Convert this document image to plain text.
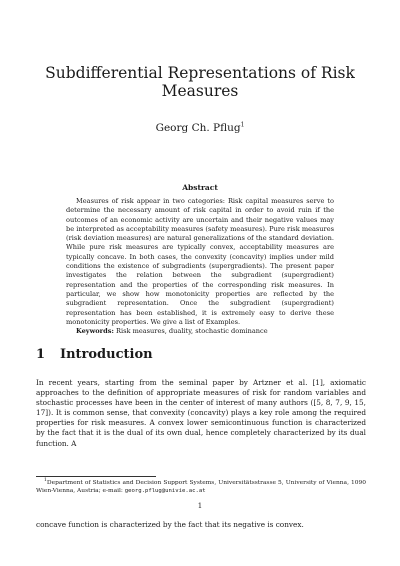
Subdifferential Representations of Risk Measures
Georg Ch. Pflug$^1$
Abstract

Measures of risk appear in two categories: Risk capital measures serve to determine the necessary amount of risk capital in order to avoid ruin if the outcomes of an economic activity are uncertain and their negative values may be interpreted as acceptability measures (safety measures). Pure risk measures (risk deviation measures) are natural generalizations of the standard deviation. While pure risk measures are typically convex, acceptability measures are typically concave. In both cases, the convexity (concavity) implies under mild conditions the existence of subgradients (supergradients). The present paper investigates the relation between the subgradient (supergradient) representation and the properties of the corresponding risk measures. In particular, we show how monotonicity properties are reflected by the subgradient representation. Once the subgradient (supergradient) representation has been established, it is extremely easy to derive these monotonicity properties. We give a list of Examples.

Keywords: Risk measures, duality, stochastic dominance

1 Introduction

In recent years, starting from the seminal paper by Artzner et al. [1], axiomatic approaches to the definition of appropriate measures of risk for random variables and stochastic processes have been in the center of interest of many authors ([5, 8, 7, 9, 15, 17]). It is common sense, that convexity (concavity) plays a key role among the required properties for risk measures. A convex lower semicontinuous function is characterized by the fact that it is the dual of its own dual, hence completely characterized by its dual function. A

$^1$Department of Statistics and Decision Support Systems, Universitätsstrasse 5, University of Vienna, 1090 Wien-Vienna, Austria; e-mail: georg.pflug@univie.ac.at

1

concave function is characterized by the fact that its negative is convex.
